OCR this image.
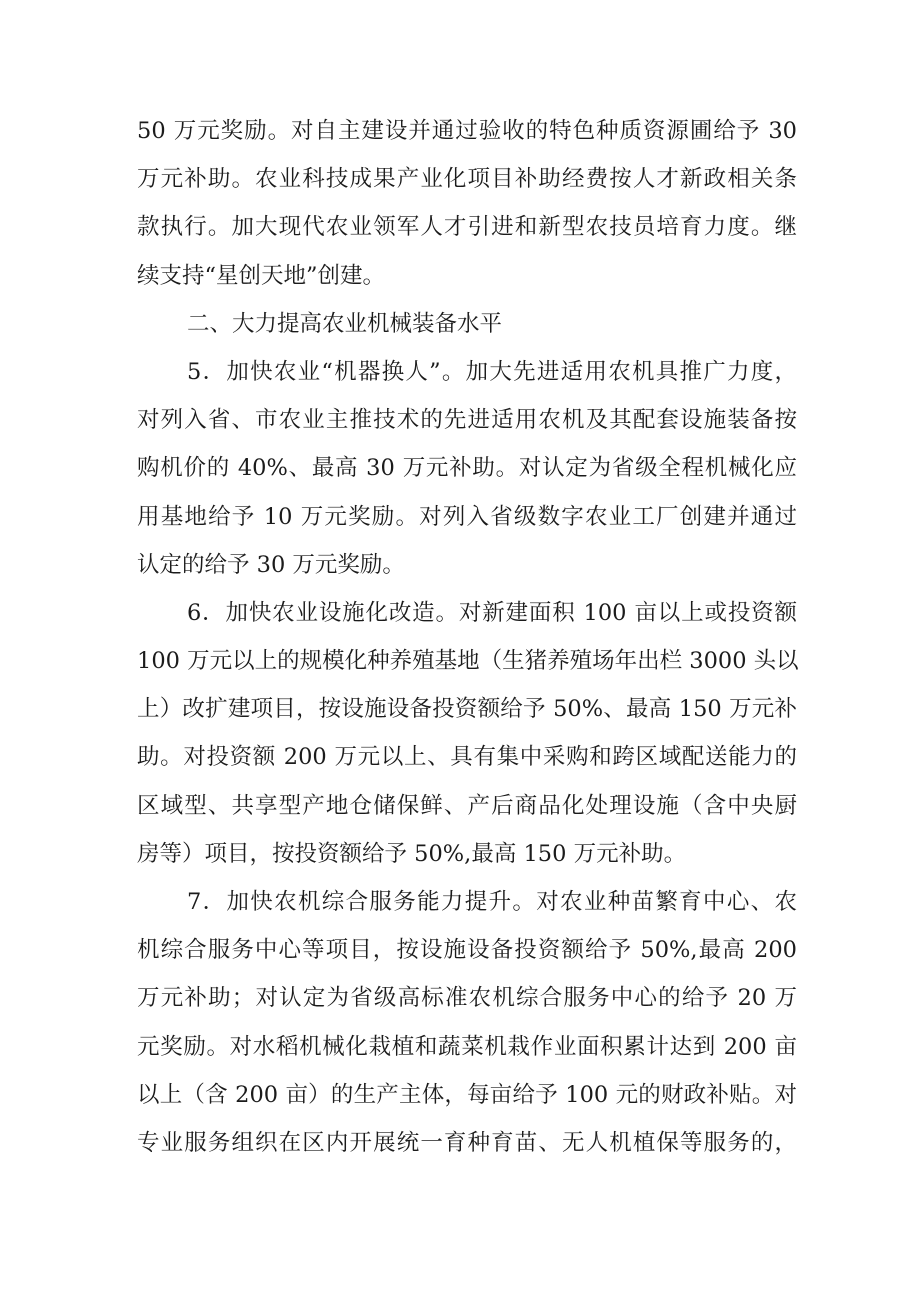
50 万元奖励。对自主建设并通过验收的特色种质资源圃给予 30
万元补助。农业科技成果产业化项目补助经费按人才新政相关条
款执行。加大现代农业领军人才引进和新型农技员培育力度。继
续支持“星创天地”创建。
二、大力提高农业机械装备水平
5．加快农业“机器换人”。加大先进适用农机具推广力度，
对列入省、市农业主推技术的先进适用农机及其配套设施装备按
购机价的 40%、最高 30 万元补助。对认定为省级全程机械化应
用基地给予 10 万元奖励。对列入省级数字农业工厂创建并通过
认定的给予 30 万元奖励。
6．加快农业设施化改造。对新建面积 100 亩以上或投资额
100 万元以上的规模化种养殖基地（生猪养殖场年出栏 3000 头以
上）改扩建项目，按设施设备投资额给予 50%、最高 150 万元补
助。对投资额 200 万元以上、具有集中采购和跨区域配送能力的
区域型、共享型产地仓储保鲜、产后商品化处理设施（含中央厨
房等）项目，按投资额给予 50%,最高 150 万元补助。
7．加快农机综合服务能力提升。对农业种苗繁育中心、农
机综合服务中心等项目，按设施设备投资额给予 50%,最高 200
万元补助；对认定为省级高标准农机综合服务中心的给予 20 万
元奖励。对水稻机械化栽植和蔬菜机栽作业面积累计达到 200 亩
以上（含 200 亩）的生产主体，每亩给予 100 元的财政补贴。对
专业服务组织在区内开展统一育种育苗、无人机植保等服务的，
